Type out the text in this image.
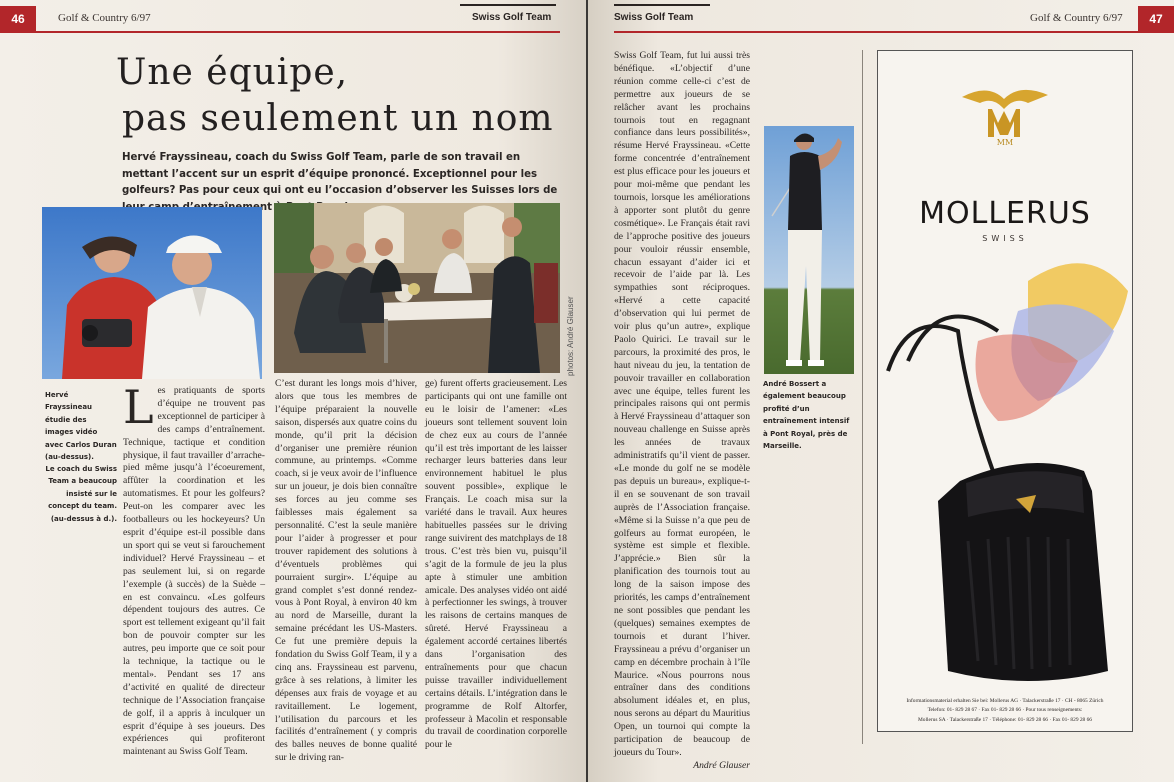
46	Golf & Country 6/97	Swiss Golf Team
Une équipe,
pas seulement un nom
Hervé Frayssineau, coach du Swiss Golf Team, parle de son travail en mettant l’accent sur un esprit d’équipe prononcé. Exceptionnel pour les golfeurs? Pas pour ceux qui ont eu l’occasion d’observer les Suisses lors de
photos: André Glauser
Hervé Frayssineau étudie des images vidéo avec Carlos Duran (au-dessus).
Le coach du Swiss Team a beaucoup insisté sur le concept du team. (au-dessus à d.).
Les pratiquants de sports d’équipe ne trouvent pas exceptionnel de participer à des camps d’entraînement. Technique, tactique et condition physique, il faut travailler d’arrache-pied même jusqu’à l’écoeurement, affûter la coordination et les automatismes. Et pour les golfeurs? Peut-on les comparer avec les footballeurs ou les hockeyeurs? Un esprit d’équipe est-il possible dans un sport qui se veut si farouchement individuel? Hervé Frayssineau – et pas seulement lui, si on regarde l’exemple (à succès) de la Suède – en est convaincu. «Les golfeurs dépendent toujours des autres. Ce sport est tellement exigeant qu’il fait bon de pouvoir compter sur les autres, peu importe que ce soit pour la technique, la tactique ou le mental». Pendant ses 17 ans d’activité en qualité de directeur technique de l’Association française de golf, il a appris à inculquer un esprit d’équipe à ses joueurs. Des expériences qui profiteront maintenant au Swiss Golf Team.
C’est durant les longs mois d’hiver, alors que tous les membres de l’équipe préparaient la nouvelle saison, dispersés aux quatre coins du monde, qu’il prit la décision d’organiser une première réunion commune, au printemps. «Comme coach, si je veux avoir de l’influence sur un joueur, je dois bien connaître ses forces au jeu comme ses faiblesses mais également sa personnalité. C’est la seule manière pour l’aider à progresser et pour trouver rapidement des solutions à d’éventuels problèmes qui pourraient surgir». L’équipe au grand complet s’est donné rendez-vous à Pont Royal, à environ 40 km au nord de Marseille, durant la semaine précédant les US-Masters. Ce fut une première depuis la fondation du Swiss Golf Team, il y a cinq ans. Frayssineau est parvenu, grâce à ses relations, à limiter les dépenses aux frais de voyage et au ravitaillement. Le logement, l’utilisation du parcours et les facilités d’entraînement ( y compris des balles neuves de bonne qualité sur le driving ran-
ge) furent offerts gracieusement. Les participants qui ont une famille ont eu le loisir de l’amener: «Les joueurs sont tellement souvent loin de chez eux au cours de l’année qu’il est très important de les laisser recharger leurs batteries dans leur environnement habituel le plus souvent possible», explique le Français. Le coach misa sur la variété dans le travail. Aux heures habituelles passées sur le driving range suivirent des matchplays de 18 trous. C’est très bien vu, puisqu’il s’agit de la formule de jeu la plus apte à stimuler une ambition amicale. Des analyses vidéo ont aidé à perfectionner les swings, à trouver les raisons de certains manques de sûreté. Hervé Frayssineau a également accordé certaines libertés dans l’organisation des entraînements pour que chacun puisse travailler individuellement certains détails. L’intégration dans le programme de Rolf Altorfer, professeur à Macolin et responsable du travail de coordination corporelle pour le
Swiss Golf Team	Golf & Country 6/97	47
Swiss Golf Team, fut lui aussi très bénéfique. «L’objectif d’une réunion comme celle-ci c’est de permettre aux joueurs de se relâcher avant les prochains tournois tout en regagnant confiance dans leurs possibilités», résume Hervé Frayssineau. «Cette forme concentrée d’entraînement est plus efficace pour les joueurs et pour moi-même que pendant les tournois, lorsque les améliorations à apporter sont plutôt du genre cosmétique». Le Français était ravi de l’approche positive des joueurs pour vouloir réussir ensemble, chacun essayant d’aider ici et recevoir de l’aide par là. Les sympathies sont réciproques. «Hervé a cette capacité d’observation qui lui permet de voir plus qu’un autre», explique Paolo Quirici. Le travail sur le parcours, la proximité des pros, le haut niveau du jeu, la tentation de pouvoir travailler en collaboration avec une équipe, telles furent les principales raisons qui ont permis à Hervé Frayssineau d’attaquer son nouveau challenge en Suisse après les années de travaux administratifs qu’il vient de passer. «Le monde du golf ne se modèle pas depuis un bureau», explique-t-il en se souvenant de son travail auprès de l’Association française. «Même si la Suisse n’a que peu de golfeurs au format européen, le système est simple et flexible. J’apprécie.» Bien sûr la planification des tournois tout au long de la saison impose des priorités, les camps d’entraînement ne sont possibles que pendant les (quelques) semaines exemptes de tournois et durant l’hiver. Frayssineau a prévu d’organiser un camp en décembre prochain à l’île Maurice. «Nous pourrons nous entraîner dans des conditions absolument idéales et, en plus, nous serons au départ du Mauritius Open, un tournoi qui compte la participation de beaucoup de joueurs du Tour».
André Glauser
André Bossert a également beaucoup profité d’un entraînement intensif à Pont Royal, près de Marseille.
MM
MOLLERUS
SWISS
Informationsmaterial erhalten Sie bei: Mollerus AG · Talackerstraße 17 · CH - 8065 Zürich
Telefon: 01- 829 28 67 · Fax 01- 829 28 66 · Pour tous renseignements:
Mollerus SA · Talackerstraße 17 · Téléphone: 01- 829 28 66 · Fax 01- 829 28 66
